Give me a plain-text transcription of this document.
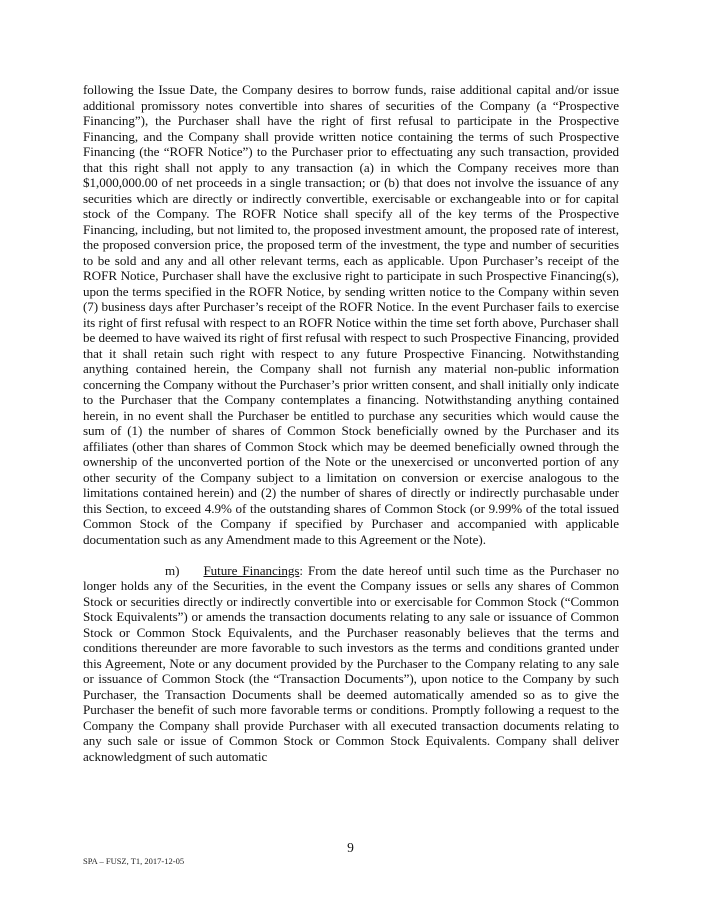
following the Issue Date, the Company desires to borrow funds, raise additional capital and/or issue additional promissory notes convertible into shares of securities of the Company (a “Prospective Financing”), the Purchaser shall have the right of first refusal to participate in the Prospective Financing, and the Company shall provide written notice containing the terms of such Prospective Financing (the “ROFR Notice”) to the Purchaser prior to effectuating any such transaction, provided that this right shall not apply to any transaction (a) in which the Company receives more than $1,000,000.00 of net proceeds in a single transaction; or (b) that does not involve the issuance of any securities which are directly or indirectly convertible, exercisable or exchangeable into or for capital stock of the Company. The ROFR Notice shall specify all of the key terms of the Prospective Financing, including, but not limited to, the proposed investment amount, the proposed rate of interest, the proposed conversion price, the proposed term of the investment, the type and number of securities to be sold and any and all other relevant terms, each as applicable. Upon Purchaser’s receipt of the ROFR Notice, Purchaser shall have the exclusive right to participate in such Prospective Financing(s), upon the terms specified in the ROFR Notice, by sending written notice to the Company within seven (7) business days after Purchaser’s receipt of the ROFR Notice. In the event Purchaser fails to exercise its right of first refusal with respect to an ROFR Notice within the time set forth above, Purchaser shall be deemed to have waived its right of first refusal with respect to such Prospective Financing, provided that it shall retain such right with respect to any future Prospective Financing. Notwithstanding anything contained herein, the Company shall not furnish any material non-public information concerning the Company without the Purchaser’s prior written consent, and shall initially only indicate to the Purchaser that the Company contemplates a financing. Notwithstanding anything contained herein, in no event shall the Purchaser be entitled to purchase any securities which would cause the sum of (1) the number of shares of Common Stock beneficially owned by the Purchaser and its affiliates (other than shares of Common Stock which may be deemed beneficially owned through the ownership of the unconverted portion of the Note or the unexercised or unconverted portion of any other security of the Company subject to a limitation on conversion or exercise analogous to the limitations contained herein) and (2) the number of shares of directly or indirectly purchasable under this Section, to exceed 4.9% of the outstanding shares of Common Stock (or 9.99% of the total issued Common Stock of the Company if specified by Purchaser and accompanied with applicable documentation such as any Amendment made to this Agreement or the Note).

m) Future Financings: From the date hereof until such time as the Purchaser no longer holds any of the Securities, in the event the Company issues or sells any shares of Common Stock or securities directly or indirectly convertible into or exercisable for Common Stock (“Common Stock Equivalents”) or amends the transaction documents relating to any sale or issuance of Common Stock or Common Stock Equivalents, and the Purchaser reasonably believes that the terms and conditions thereunder are more favorable to such investors as the terms and conditions granted under this Agreement, Note or any document provided by the Purchaser to the Company relating to any sale or issuance of Common Stock (the “Transaction Documents”), upon notice to the Company by such Purchaser, the Transaction Documents shall be deemed automatically amended so as to give the Purchaser the benefit of such more favorable terms or conditions. Promptly following a request to the Company the Company shall provide Purchaser with all executed transaction documents relating to any such sale or issue of Common Stock or Common Stock Equivalents. Company shall deliver acknowledgment of such automatic

9
SPA – FUSZ, T1, 2017-12-05
